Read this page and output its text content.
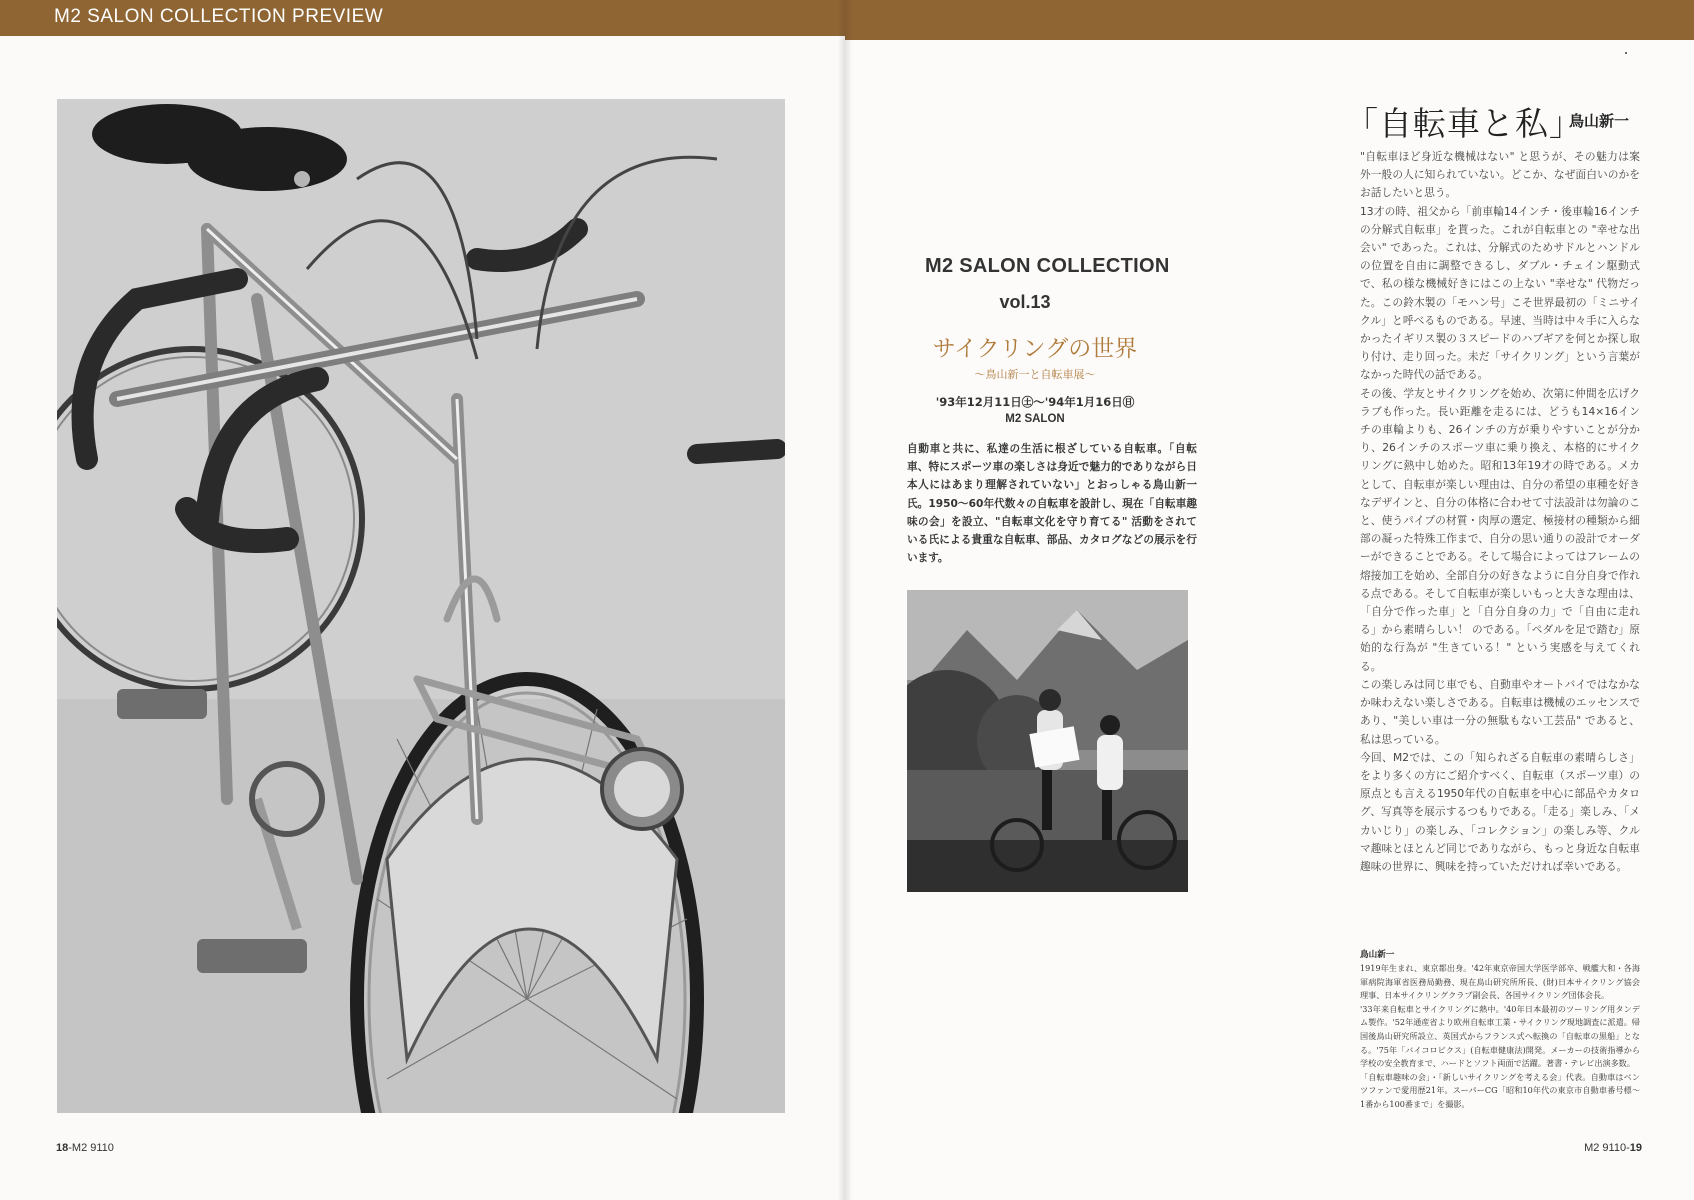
M2 SALON COLLECTION PREVIEW
18-M2 9110
M2 SALON COLLECTION
vol.13
サイクリングの世界
〜鳥山新一と自転車展〜
'93年12月11日㊏〜'94年1月16日㊐
M2 SALON
自動車と共に、私達の生活に根ざしている自転車。「自転車、特にスポーツ車の楽しさは身近で魅力的でありながら日本人にはあまり理解されていない」とおっしゃる鳥山新一氏。1950〜60年代数々の自転車を設計し、現在「自転車趣味の会」を設立、"自転車文化を守り育てる" 活動をされている氏による貴重な自転車、部品、カタログなどの展示を行います。
「自転車と私」
鳥山新一

"自転車ほど身近な機械はない" と思うが、その魅力は案外一般の人に知られていない。どこか、なぜ面白いのかをお話したいと思う。

13才の時、祖父から「前車輪14インチ・後車輪16インチの分解式自転車」を貰った。これが自転車との "幸せな出会い" であった。これは、分解式のためサドルとハンドルの位置を自由に調整できるし、ダブル・チェイン駆動式で、私の様な機械好きにはこの上ない "幸せな" 代物だった。この鈴木製の「モハン号」こそ世界最初の「ミニサイクル」と呼べるものである。早速、当時は中々手に入らなかったイギリス製の３スピードのハブギアを何とか探し取り付け、走り回った。未だ「サイクリング」という言葉がなかった時代の話である。

その後、学友とサイクリングを始め、次第に仲間を広げクラブも作った。長い距離を走るには、どうも14×16インチの車輪よりも、26インチの方が乗りやすいことが分かり、26インチのスポーツ車に乗り換え、本格的にサイクリングに熱中し始めた。昭和13年19才の時である。メカとして、自転車が楽しい理由は、自分の希望の車種を好きなデザインと、自分の体格に合わせて寸法設計は勿論のこと、使うパイプの材質・肉厚の選定、極接材の種類から細部の凝った特殊工作まで、自分の思い通りの設計でオーダーができることである。そして場合によってはフレームの熔接加工を始め、全部自分の好きなように自分自身で作れる点である。そして自転車が楽しいもっと大きな理由は、「自分で作った車」と「自分自身の力」で「自由に走れる」から素晴らしい！ のである。「ペダルを足で踏む」原始的な行為が "生きている！" という実感を与えてくれる。

この楽しみは同じ車でも、自動車やオートバイではなかなか味わえない楽しさである。自転車は機械のエッセンスであり、"美しい車は一分の無駄もない工芸品" であると、私は思っている。

今回、M2では、この「知られざる自転車の素晴らしさ」をより多くの方にご紹介すべく、自転車（スポーツ車）の原点とも言える1950年代の自転車を中心に部品やカタログ、写真等を展示するつもりである。「走る」楽しみ、「メカいじり」の楽しみ、「コレクション」の楽しみ等、クルマ趣味とほとんど同じでありながら、もっと身近な自転車趣味の世界に、興味を持っていただければ幸いである。

鳥山新一

1919年生まれ、東京都出身。'42年東京帝国大学医学部卒、戦艦大和・各海軍病院海軍省医務局勤務、現在鳥山研究所所長、(財)日本サイクリング協会理事、日本サイクリングクラブ副会長、各国サイクリング団体会長。

'33年来自転車とサイクリングに熱中。'40年日本最初のツーリング用タンデム製作。'52年通産省より欧州自転車工業・サイクリング現地調査に派遣。帰国後鳥山研究所設立、英国式からフランス式へ転換の「自転車の黒船」となる。'75年「バイコロビクス」(自転車健康法)開発。メーカーの技術指導から学校の安全教育まで、ハードとソフト両面で活躍。著書・テレビ出演多数。

「自転車趣味の会」・「新しいサイクリングを考える会」代表。自動車はベンツファンで愛用歴21年。スーパーCG「昭和10年代の東京市自動車番号標〜1番から100番まで」を撮影。

M2 9110-19
